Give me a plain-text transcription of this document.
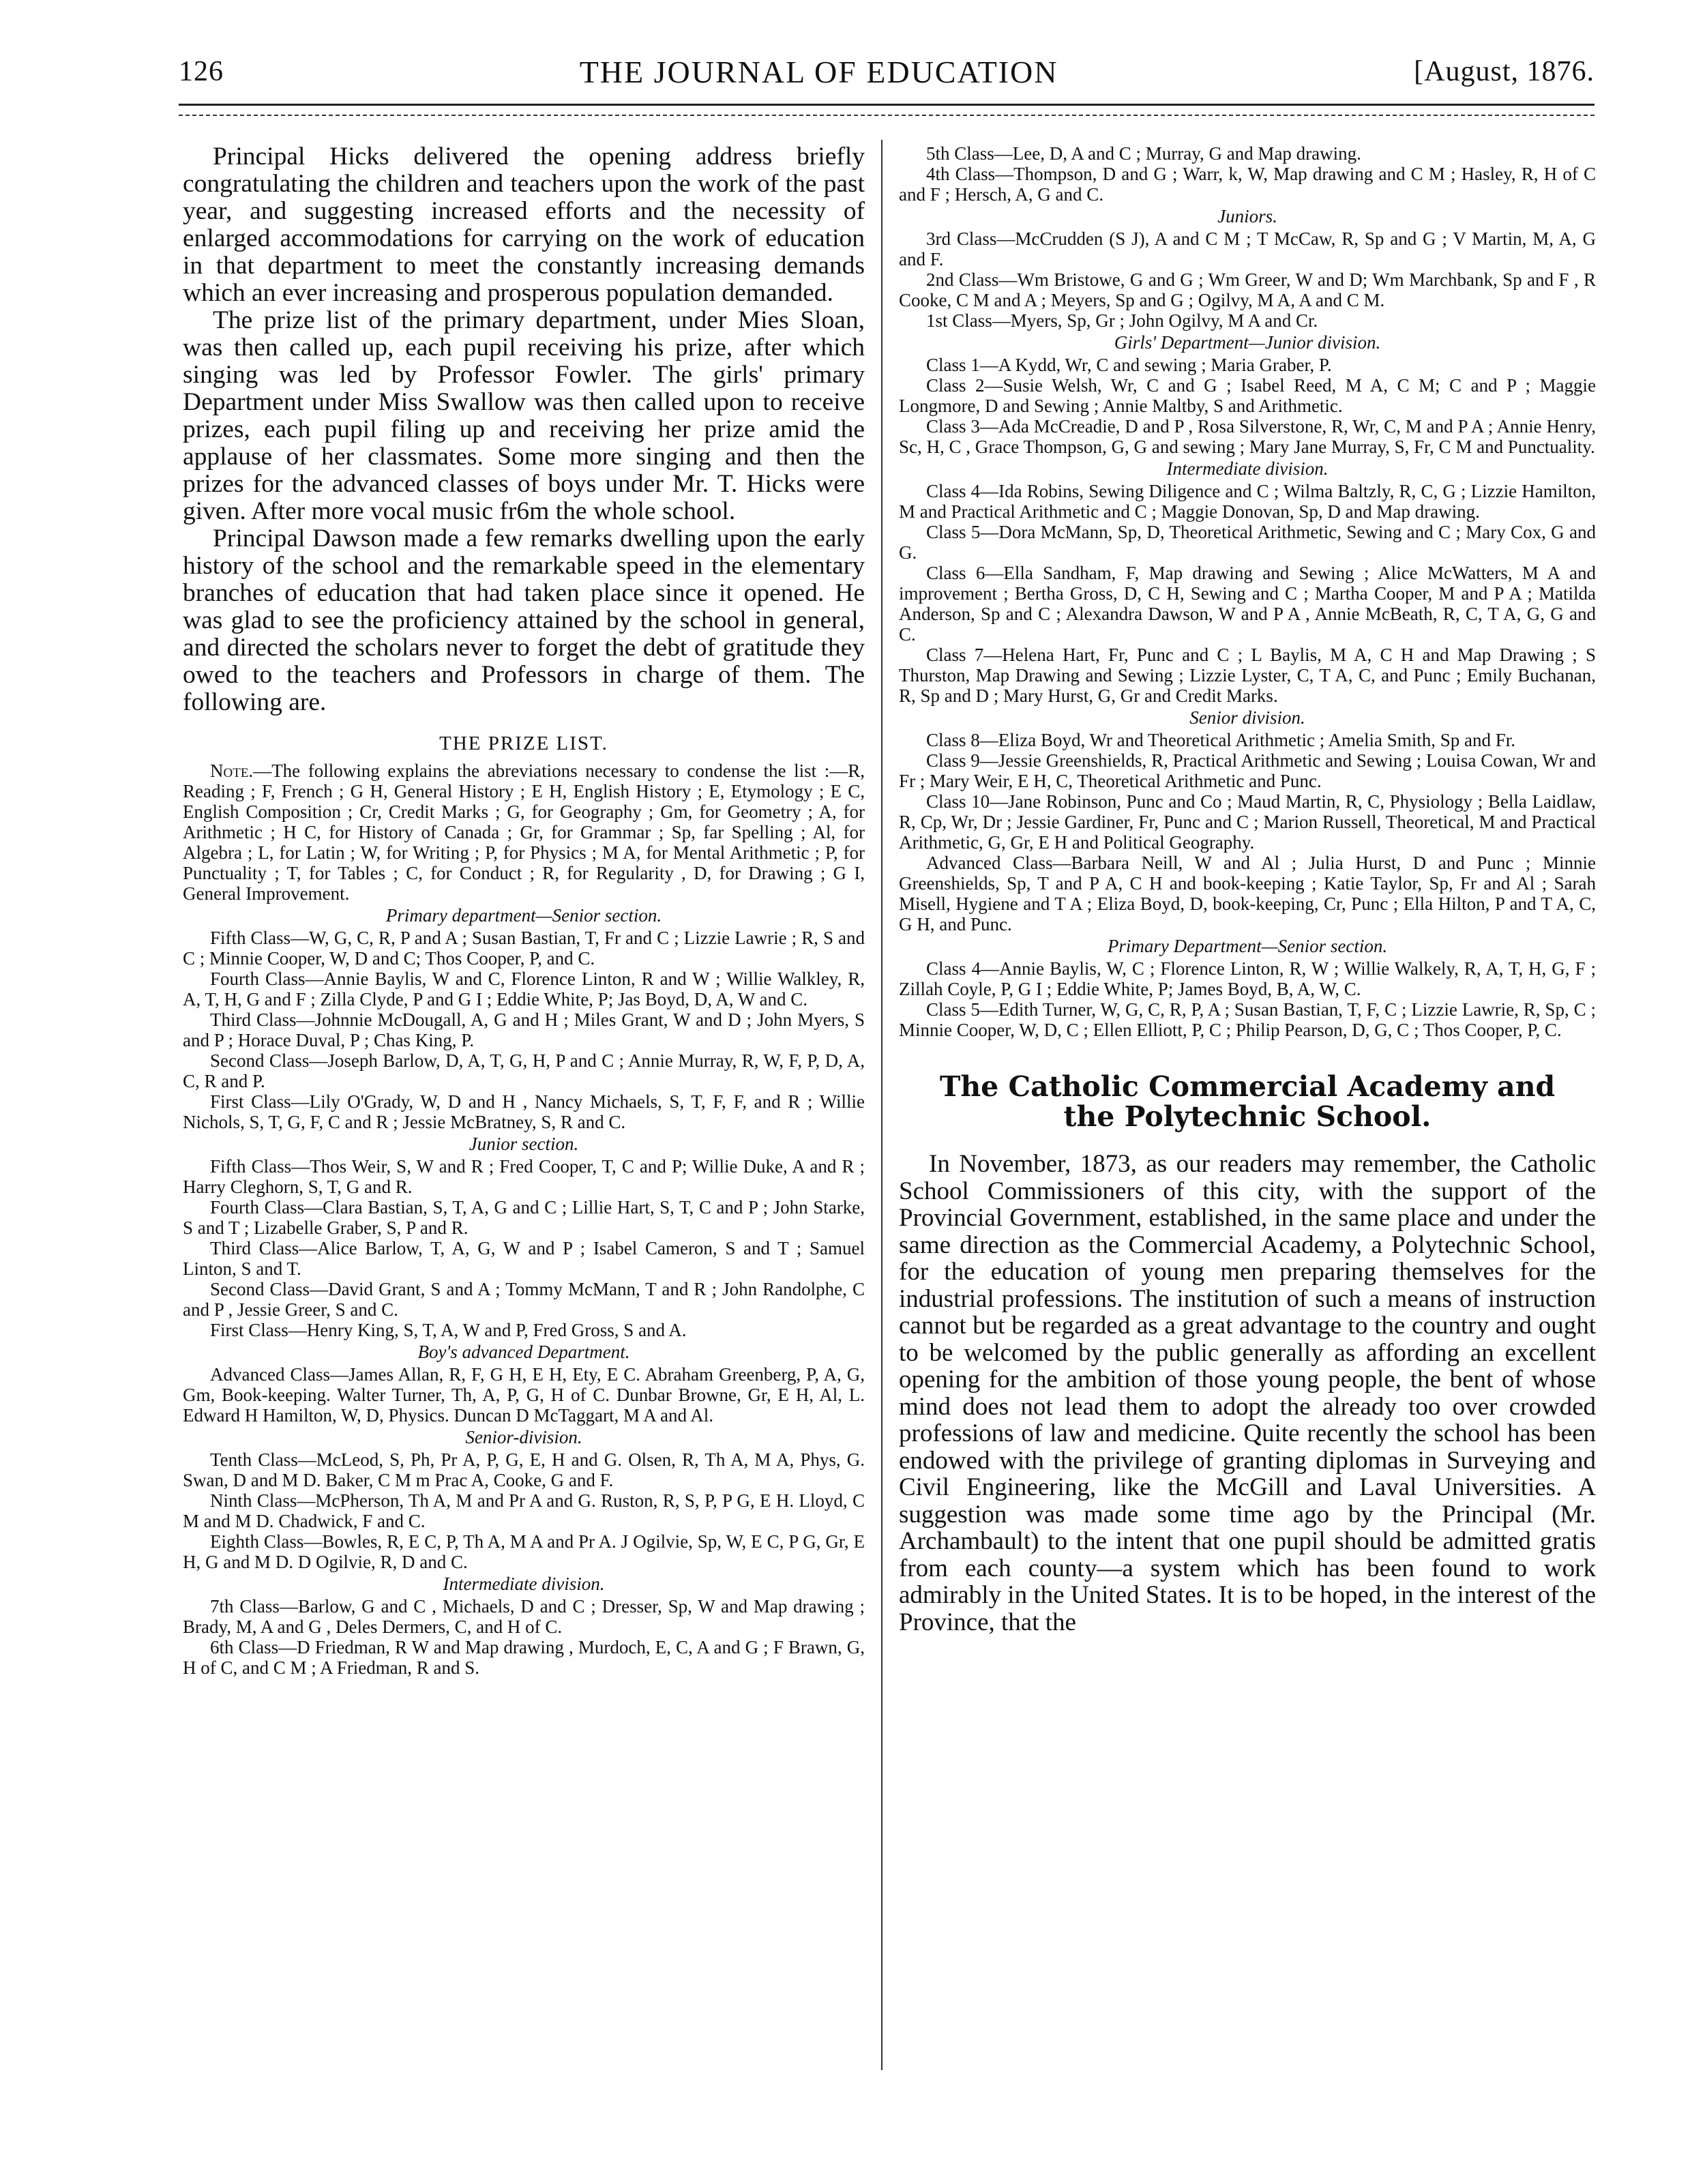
126	THE JOURNAL OF EDUCATION	[August, 1876.

Principal Hicks delivered the opening address briefly congratulating the children and teachers upon the work of the past year, and suggesting increased efforts and the necessity of enlarged accommodations for carrying on the work of education in that department to meet the constantly increasing demands which an ever increasing and prosperous population demanded.

The prize list of the primary department, under Mies Sloan, was then called up, each pupil receiving his prize, after which singing was led by Professor Fowler. The girls' primary Department under Miss Swallow was then called upon to receive prizes, each pupil filing up and receiving her prize amid the applause of her classmates. Some more singing and then the prizes for the advanced classes of boys under Mr. T. Hicks were given. After more vocal music fr6m the whole school.

Principal Dawson made a few remarks dwelling upon the early history of the school and the remarkable speed in the elementary branches of education that had taken place since it opened. He was glad to see the proficiency attained by the school in general, and directed the scholars never to forget the debt of gratitude they owed to the teachers and Professors in charge of them. The following are.

THE PRIZE LIST.

Note.—The following explains the abreviations necessary to condense the list :—R, Reading ; F, French ; G H, General History ; E H, English History ; E, Etymology ; E C, English Composition ; Cr, Credit Marks ; G, for Geography ; Gm, for Geometry ; A, for Arithmetic ; H C, for History of Canada ; Gr, for Grammar ; Sp, far Spelling ; Al, for Algebra ; L, for Latin ; W, for Writing ; P, for Physics ; M A, for Mental Arithmetic ; P, for Punctuality ; T, for Tables ; C, for Conduct ; R, for Regularity , D, for Drawing ; G I, General Improvement.

Primary department—Senior section.

Fifth Class—W, G, C, R, P and A ; Susan Bastian, T, Fr and C ; Lizzie Lawrie ; R, S and C ; Minnie Cooper, W, D and C; Thos Cooper, P, and C.

Fourth Class—Annie Baylis, W and C, Florence Linton, R and W ; Willie Walkley, R, A, T, H, G and F ; Zilla Clyde, P and G I ; Eddie White, P; Jas Boyd, D, A, W and C.

Third Class—Johnnie McDougall, A, G and H ; Miles Grant, W and D ; John Myers, S and P ; Horace Duval, P ; Chas King, P.

Second Class—Joseph Barlow, D, A, T, G, H, P and C ; Annie Murray, R, W, F, P, D, A, C, R and P.

First Class—Lily O'Grady, W, D and H , Nancy Michaels, S, T, F, F, and R ; Willie Nichols, S, T, G, F, C and R ; Jessie McBratney, S, R and C.

Junior section.

Fifth Class—Thos Weir, S, W and R ; Fred Cooper, T, C and P; Willie Duke, A and R ; Harry Cleghorn, S, T, G and R.

Fourth Class—Clara Bastian, S, T, A, G and C ; Lillie Hart, S, T, C and P ; John Starke, S and T ; Lizabelle Graber, S, P and R.

Third Class—Alice Barlow, T, A, G, W and P ; Isabel Cameron, S and T ; Samuel Linton, S and T.

Second Class—David Grant, S and A ; Tommy McMann, T and R ; John Randolphe, C and P , Jessie Greer, S and C.

First Class—Henry King, S, T, A, W and P, Fred Gross, S and A.

Boy's advanced Department.

Advanced Class—James Allan, R, F, G H, E H, Ety, E C. Abraham Greenberg, P, A, G, Gm, Book-keeping. Walter Turner, Th, A, P, G, H of C. Dunbar Browne, Gr, E H, Al, L. Edward H Hamilton, W, D, Physics. Duncan D McTaggart, M A and Al.

Senior-division.

Tenth Class—McLeod, S, Ph, Pr A, P, G, E, H and G. Olsen, R, Th A, M A, Phys, G. Swan, D and M D. Baker, C M m Prac A, Cooke, G and F.

Ninth Class—McPherson, Th A, M and Pr A and G. Ruston, R, S, P, P G, E H. Lloyd, C M and M D. Chadwick, F and C.

Eighth Class—Bowles, R, E C, P, Th A, M A and Pr A. J Ogilvie, Sp, W, E C, P G, Gr, E H, G and M D. D Ogilvie, R, D and C.

Intermediate division.

7th Class—Barlow, G and C , Michaels, D and C ; Dresser, Sp, W and Map drawing ; Brady, M, A and G , Deles Dermers, C, and H of C.

6th Class—D Friedman, R W and Map drawing , Murdoch, E, C, A and G ; F Brawn, G, H of C, and C M ; A Friedman, R and S.

5th Class—Lee, D, A and C ; Murray, G and Map drawing.

4th Class—Thompson, D and G ; Warr, k, W, Map drawing and C M ; Hasley, R, H of C and F ; Hersch, A, G and C.

Juniors.

3rd Class—McCrudden (S J), A and C M ; T McCaw, R, Sp and G ; V Martin, M, A, G and F.

2nd Class—Wm Bristowe, G and G ; Wm Greer, W and D; Wm Marchbank, Sp and F , R Cooke, C M and A ; Meyers, Sp and G ; Ogilvy, M A, A and C M.

1st Class—Myers, Sp, Gr ; John Ogilvy, M A and Cr.

Girls' Department—Junior division.

Class 1—A Kydd, Wr, C and sewing ; Maria Graber, P.

Class 2—Susie Welsh, Wr, C and G ; Isabel Reed, M A, C M; C and P ; Maggie Longmore, D and Sewing ; Annie Maltby, S and Arithmetic.

Class 3—Ada McCreadie, D and P , Rosa Silverstone, R, Wr, C, M and P A ; Annie Henry, Sc, H, C , Grace Thompson, G, G and sewing ; Mary Jane Murray, S, Fr, C M and Punctuality.

Intermediate division.

Class 4—Ida Robins, Sewing Diligence and C ; Wilma Baltzly, R, C, G ; Lizzie Hamilton, M and Practical Arithmetic and C ; Maggie Donovan, Sp, D and Map drawing.

Class 5—Dora McMann, Sp, D, Theoretical Arithmetic, Sewing and C ; Mary Cox, G and G.

Class 6—Ella Sandham, F, Map drawing and Sewing ; Alice McWatters, M A and improvement ; Bertha Gross, D, C H, Sewing and C ; Martha Cooper, M and P A ; Matilda Anderson, Sp and C ; Alexandra Dawson, W and P A , Annie McBeath, R, C, T A, G, G and C.

Class 7—Helena Hart, Fr, Punc and C ; L Baylis, M A, C H and Map Drawing ; S Thurston, Map Drawing and Sewing ; Lizzie Lyster, C, T A, C, and Punc ; Emily Buchanan, R, Sp and D ; Mary Hurst, G, Gr and Credit Marks.

Senior division.

Class 8—Eliza Boyd, Wr and Theoretical Arithmetic ; Amelia Smith, Sp and Fr.

Class 9—Jessie Greenshields, R, Practical Arithmetic and Sewing ; Louisa Cowan, Wr and Fr ; Mary Weir, E H, C, Theoretical Arithmetic and Punc.

Class 10—Jane Robinson, Punc and Co ; Maud Martin, R, C, Physiology ; Bella Laidlaw, R, Cp, Wr, Dr ; Jessie Gardiner, Fr, Punc and C ; Marion Russell, Theoretical, M and Practical Arithmetic, G, Gr, E H and Political Geography.

Advanced Class—Barbara Neill, W and Al ; Julia Hurst, D and Punc ; Minnie Greenshields, Sp, T and P A, C H and book-keeping ; Katie Taylor, Sp, Fr and Al ; Sarah Misell, Hygiene and T A ; Eliza Boyd, D, book-keeping, Cr, Punc ; Ella Hilton, P and T A, C, G H, and Punc.

Primary Department—Senior section.

Class 4—Annie Baylis, W, C ; Florence Linton, R, W ; Willie Walkely, R, A, T, H, G, F ; Zillah Coyle, P, G I ; Eddie White, P; James Boyd, B, A, W, C.

Class 5—Edith Turner, W, G, C, R, P, A ; Susan Bastian, T, F, C ; Lizzie Lawrie, R, Sp, C ; Minnie Cooper, W, D, C ; Ellen Elliott, P, C ; Philip Pearson, D, G, C ; Thos Cooper, P, C.

The Catholic Commercial Academy and the Polytechnic School.

In November, 1873, as our readers may remember, the Catholic School Commissioners of this city, with the support of the Provincial Government, established, in the same place and under the same direction as the Commercial Academy, a Polytechnic School, for the education of young men preparing themselves for the industrial professions. The institution of such a means of instruction cannot but be regarded as a great advantage to the country and ought to be welcomed by the public generally as affording an excellent opening for the ambition of those young people, the bent of whose mind does not lead them to adopt the already too over crowded professions of law and medicine. Quite recently the school has been endowed with the privilege of granting diplomas in Surveying and Civil Engineering, like the McGill and Laval Universities. A suggestion was made some time ago by the Principal (Mr. Archambault) to the intent that one pupil should be admitted gratis from each county—a system which has been found to work admirably in the United States. It is to be hoped, in the interest of the Province, that the
